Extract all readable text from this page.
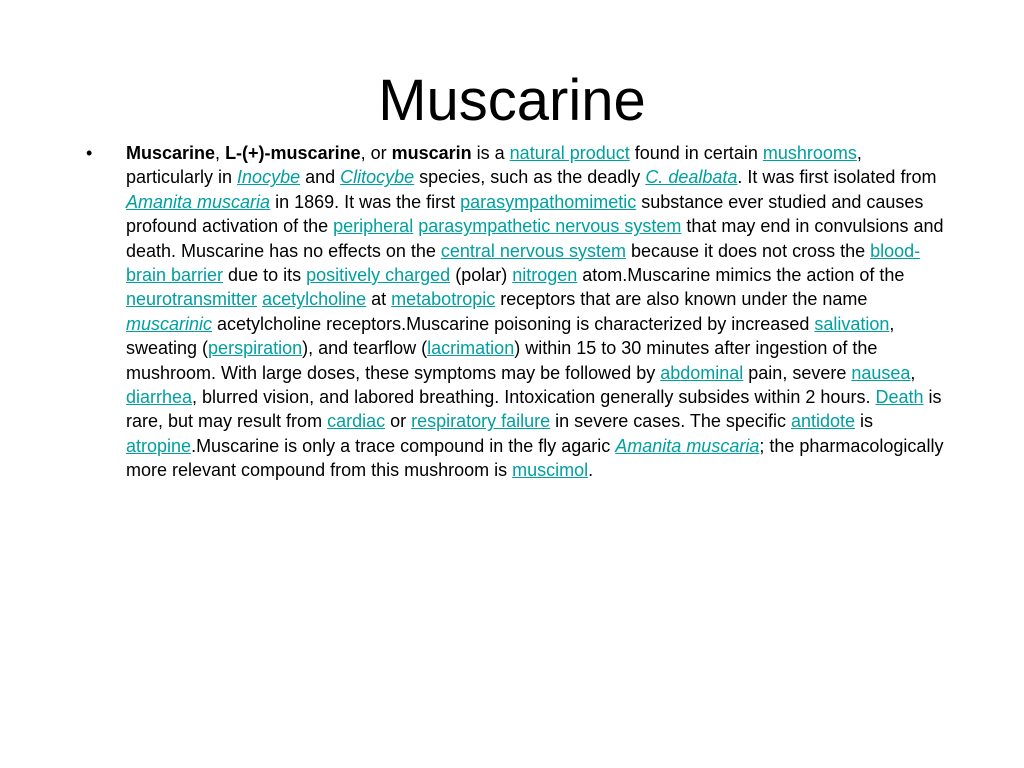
Muscarine
• Muscarine, L-(+)-muscarine, or muscarin is a natural product found in certain mushrooms, particularly in Inocybe and Clitocybe species, such as the deadly C. dealbata. It was first isolated from Amanita muscaria in 1869. It was the first parasympathomimetic substance ever studied and causes profound activation of the peripheral parasympathetic nervous system that may end in convulsions and death. Muscarine has no effects on the central nervous system because it does not cross the blood-brain barrier due to its positively charged (polar) nitrogen atom.Muscarine mimics the action of the neurotransmitter acetylcholine at metabotropic receptors that are also known under the name muscarinic acetylcholine receptors.Muscarine poisoning is characterized by increased salivation, sweating (perspiration), and tearflow (lacrimation) within 15 to 30 minutes after ingestion of the mushroom. With large doses, these symptoms may be followed by abdominal pain, severe nausea, diarrhea, blurred vision, and labored breathing. Intoxication generally subsides within 2 hours. Death is rare, but may result from cardiac or respiratory failure in severe cases. The specific antidote is atropine.Muscarine is only a trace compound in the fly agaric Amanita muscaria; the pharmacologically more relevant compound from this mushroom is muscimol.
